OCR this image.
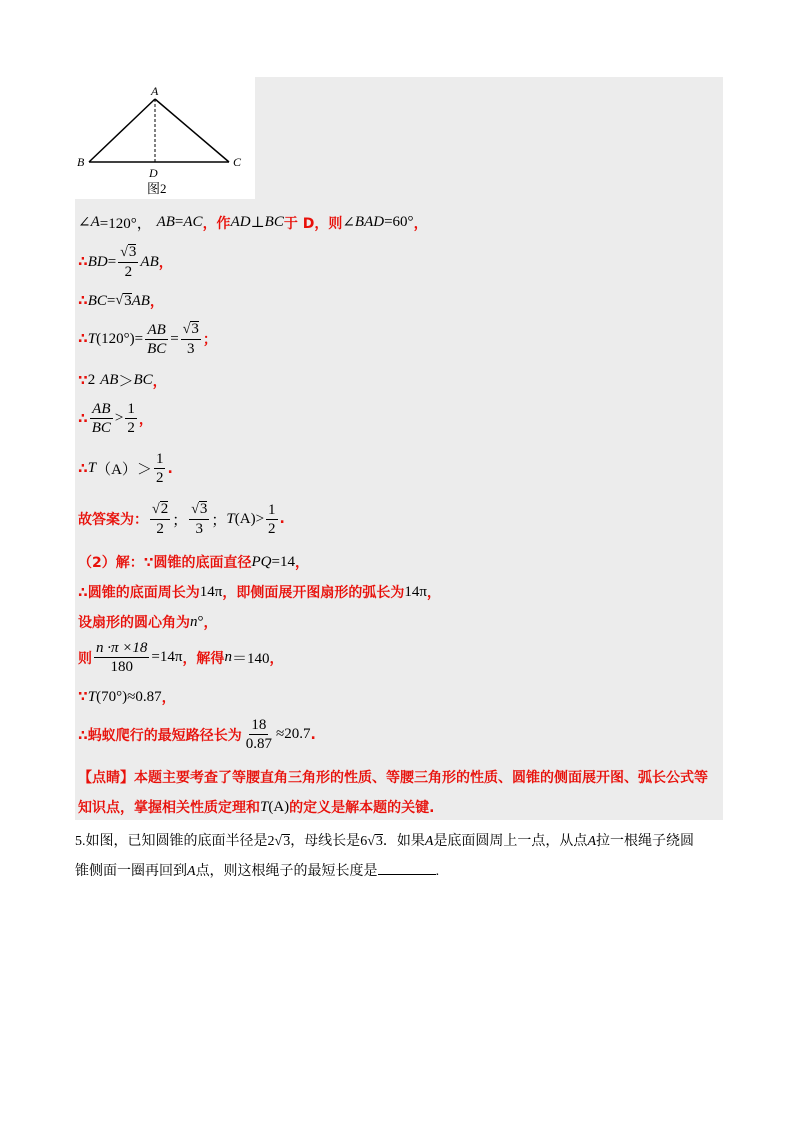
A
B	C
D
图2
∠ A =120°，
AB = AC ，作 AD ⊥ BC 于 D，则 ∠ BAD =60° ，
∴ BD = $\frac{√ 3}{2}$ AB ，
∴ BC = √ 3 AB ，
∴ T $(120^\circ) = \frac{AB}{BC} = \frac{√ 3}{3}$ ；
∵ 2
AB ＞ BC ，
∴ $\frac{AB}{BC} > \frac{1}{2}$ ，
∴ T $(A) > \frac{1}{2}$ .
故答案为： $\frac{√ 2}{2}$ ； $\frac{√ 3}{3}$ ； T $(A) > \frac{1}{2}$ .
（2）解：∵圆锥的底面直径 PQ =14 ，
∴圆锥的底面周长为 14π ，即侧面展开图扇形的弧长为 14π ，
设扇形的圆心角为 n ° ，
则 $\frac{n \cdot\pi \times 18}{180} =14\pi$ ，解得 n ＝140 ，
∵ T (70°) ≈0.87 ，
∴蚂蚁爬行的最短路径长为 $\frac{18}{0.87} \approx 20.7$ .
【点睛】本题主要考查了等腰直角三角形的性质、等腰三角形的性质、圆锥的侧面展开图、弧长公式等
知识点，掌握相关性质定理和 T (A) 的定义是解本题的关键.
5.如图，已知圆锥的底面半径是2 √ 3 ，母线长是6 √ 3 ．如果A是底面圆周上一点，从点A拉一根绳子绕圆
锥侧面一圈再回到A点，则这根绳子的最短长度是	.
